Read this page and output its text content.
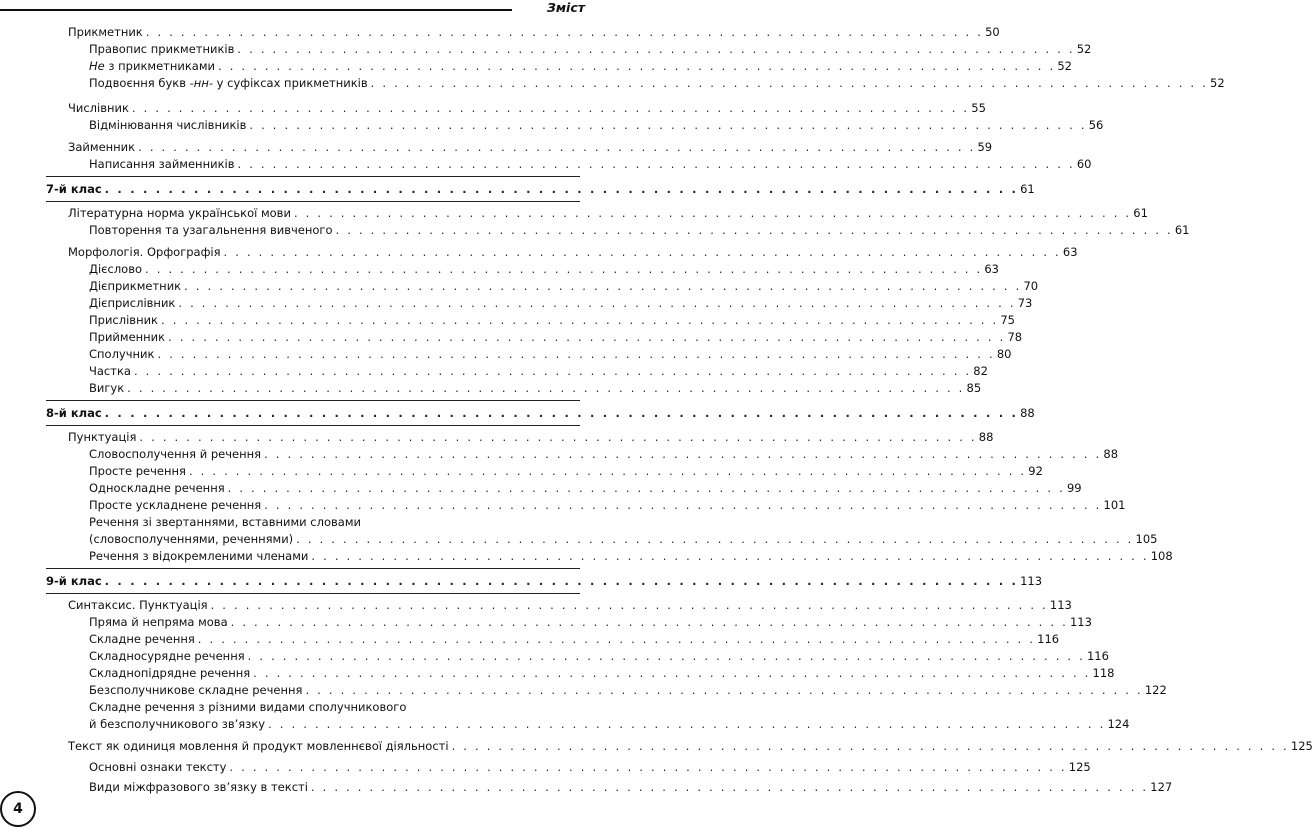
Зміст
Прикметник . . . . . . . . . . . . . . . . . . . . . . . . . . . . . . . . . . . . . . . . . . . . . . . . . . . . . . . . . . . . . . . . . . . . . . . . 50
Правопис прикметників . . . . . . . . . . . . . . . . . . . . . . . . . . . . . . . . . . . . . . . . . . . . . . . . . . . . . . . . . . . . . . . . . . . . . . . . 52
Не з прикметниками . . . . . . . . . . . . . . . . . . . . . . . . . . . . . . . . . . . . . . . . . . . . . . . . . . . . . . . . . . . . . . . . . . . . . . . . 52
Подвоєння букв -нн- у суфіксах прикметників . . . . . . . . . . . . . . . . . . . . . . . . . . . . . . . . . . . . . . . . . . . . . . . . . . . . . . . . . . . . . . . . . . . . . . . . 52
Числівник . . . . . . . . . . . . . . . . . . . . . . . . . . . . . . . . . . . . . . . . . . . . . . . . . . . . . . . . . . . . . . . . . . . . . . . . 55
Відмінювання числівників . . . . . . . . . . . . . . . . . . . . . . . . . . . . . . . . . . . . . . . . . . . . . . . . . . . . . . . . . . . . . . . . . . . . . . . . 56
Займенник . . . . . . . . . . . . . . . . . . . . . . . . . . . . . . . . . . . . . . . . . . . . . . . . . . . . . . . . . . . . . . . . . . . . . . . . 59
Написання займенників . . . . . . . . . . . . . . . . . . . . . . . . . . . . . . . . . . . . . . . . . . . . . . . . . . . . . . . . . . . . . . . . . . . . . . . . 60
7-й клас . . . . . . . . . . . . . . . . . . . . . . . . . . . . . . . . . . . . . . . . . . . . . . . . . . . . . . . . . . . . . . . . . . . . . . . . 61
Літературна норма української мови . . . . . . . . . . . . . . . . . . . . . . . . . . . . . . . . . . . . . . . . . . . . . . . . . . . . . . . . . . . . . . . . . . . . . . . . 61
Повторення та узагальнення вивченого . . . . . . . . . . . . . . . . . . . . . . . . . . . . . . . . . . . . . . . . . . . . . . . . . . . . . . . . . . . . . . . . . . . . . . . . 61
Морфологія. Орфографія . . . . . . . . . . . . . . . . . . . . . . . . . . . . . . . . . . . . . . . . . . . . . . . . . . . . . . . . . . . . . . . . . . . . . . . . 63
Дієслово . . . . . . . . . . . . . . . . . . . . . . . . . . . . . . . . . . . . . . . . . . . . . . . . . . . . . . . . . . . . . . . . . . . . . . . . 63
Дієприкметник . . . . . . . . . . . . . . . . . . . . . . . . . . . . . . . . . . . . . . . . . . . . . . . . . . . . . . . . . . . . . . . . . . . . . . . . 70
Дієприслівник . . . . . . . . . . . . . . . . . . . . . . . . . . . . . . . . . . . . . . . . . . . . . . . . . . . . . . . . . . . . . . . . . . . . . . . . 73
Прислівник . . . . . . . . . . . . . . . . . . . . . . . . . . . . . . . . . . . . . . . . . . . . . . . . . . . . . . . . . . . . . . . . . . . . . . . . 75
Прийменник . . . . . . . . . . . . . . . . . . . . . . . . . . . . . . . . . . . . . . . . . . . . . . . . . . . . . . . . . . . . . . . . . . . . . . . . 78
Сполучник . . . . . . . . . . . . . . . . . . . . . . . . . . . . . . . . . . . . . . . . . . . . . . . . . . . . . . . . . . . . . . . . . . . . . . . . 80
Частка . . . . . . . . . . . . . . . . . . . . . . . . . . . . . . . . . . . . . . . . . . . . . . . . . . . . . . . . . . . . . . . . . . . . . . . . 82
Вигук . . . . . . . . . . . . . . . . . . . . . . . . . . . . . . . . . . . . . . . . . . . . . . . . . . . . . . . . . . . . . . . . . . . . . . . . 85
8-й клас . . . . . . . . . . . . . . . . . . . . . . . . . . . . . . . . . . . . . . . . . . . . . . . . . . . . . . . . . . . . . . . . . . . . . . . . 88
Пунктуація . . . . . . . . . . . . . . . . . . . . . . . . . . . . . . . . . . . . . . . . . . . . . . . . . . . . . . . . . . . . . . . . . . . . . . . . 88
Словосполучення й речення . . . . . . . . . . . . . . . . . . . . . . . . . . . . . . . . . . . . . . . . . . . . . . . . . . . . . . . . . . . . . . . . . . . . . . . . 88
Просте речення . . . . . . . . . . . . . . . . . . . . . . . . . . . . . . . . . . . . . . . . . . . . . . . . . . . . . . . . . . . . . . . . . . . . . . . . 92
Односкладне речення . . . . . . . . . . . . . . . . . . . . . . . . . . . . . . . . . . . . . . . . . . . . . . . . . . . . . . . . . . . . . . . . . . . . . . . . 99
Просте ускладнене речення . . . . . . . . . . . . . . . . . . . . . . . . . . . . . . . . . . . . . . . . . . . . . . . . . . . . . . . . . . . . . . . . . . . . . . . . 101
Речення зі звертаннями, вставними словами
(словосполученнями, реченнями) . . . . . . . . . . . . . . . . . . . . . . . . . . . . . . . . . . . . . . . . . . . . . . . . . . . . . . . . . . . . . . . . . . . . . . . . 105
Речення з відокремленими членами . . . . . . . . . . . . . . . . . . . . . . . . . . . . . . . . . . . . . . . . . . . . . . . . . . . . . . . . . . . . . . . . . . . . . . . . 108
9-й клас . . . . . . . . . . . . . . . . . . . . . . . . . . . . . . . . . . . . . . . . . . . . . . . . . . . . . . . . . . . . . . . . . . . . . . . . 113
Синтаксис. Пунктуація . . . . . . . . . . . . . . . . . . . . . . . . . . . . . . . . . . . . . . . . . . . . . . . . . . . . . . . . . . . . . . . . . . . . . . . . 113
Пряма й непряма мова . . . . . . . . . . . . . . . . . . . . . . . . . . . . . . . . . . . . . . . . . . . . . . . . . . . . . . . . . . . . . . . . . . . . . . . . 113
Складне речення . . . . . . . . . . . . . . . . . . . . . . . . . . . . . . . . . . . . . . . . . . . . . . . . . . . . . . . . . . . . . . . . . . . . . . . . 116
Складносурядне речення . . . . . . . . . . . . . . . . . . . . . . . . . . . . . . . . . . . . . . . . . . . . . . . . . . . . . . . . . . . . . . . . . . . . . . . . 116
Складнопідрядне речення . . . . . . . . . . . . . . . . . . . . . . . . . . . . . . . . . . . . . . . . . . . . . . . . . . . . . . . . . . . . . . . . . . . . . . . . 118
Безсполучникове складне речення . . . . . . . . . . . . . . . . . . . . . . . . . . . . . . . . . . . . . . . . . . . . . . . . . . . . . . . . . . . . . . . . . . . . . . . . 122
Складне речення з різними видами сполучникового
й безсполучникового зв’язку . . . . . . . . . . . . . . . . . . . . . . . . . . . . . . . . . . . . . . . . . . . . . . . . . . . . . . . . . . . . . . . . . . . . . . . . 124
Текст як одиниця мовлення й продукт мовленнєвої діяльності . . . . . . . . . . . . . . . . . . . . . . . . . . . . . . . . . . . . . . . . . . . . . . . . . . . . . . . . . . . . . . . . . . . . . . . . 125
Основні ознаки тексту . . . . . . . . . . . . . . . . . . . . . . . . . . . . . . . . . . . . . . . . . . . . . . . . . . . . . . . . . . . . . . . . . . . . . . . . 125
Види міжфразового зв’язку в тексті . . . . . . . . . . . . . . . . . . . . . . . . . . . . . . . . . . . . . . . . . . . . . . . . . . . . . . . . . . . . . . . . . . . . . . . . 127
4
